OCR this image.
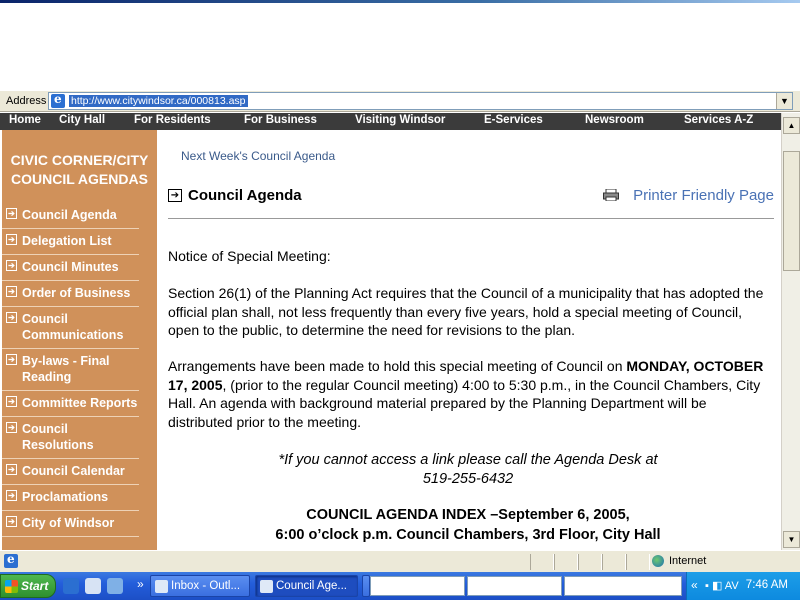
Address
e http://www.citywindsor.ca/000813.asp	▼
Home City Hall	For Residents	For Business	Visiting Windsor	E-Services	Newsroom	Services A-Z	▲
▼
CIVIC CORNER/CITY COUNCIL AGENDAS
➔ Council Agenda
➔ Delegation List
➔ Council Minutes
➔ Order of Business
➔ Council Communications
➔ By-laws - Final Reading
➔ Committee Reports
➔ Council Resolutions
➔ Council Calendar
➔ Proclamations
➔ City of Windsor
Next Week's Council Agenda
➔ Council Agenda	Printer Friendly Page
Notice of Special Meeting:
Section 26(1) of the Planning Act requires that the Council of a municipality that has adopted the official plan shall, not less frequently than every five years, hold a special meeting of Council, open to the public, to determine the need for revisions to the plan.
Arrangements have been made to hold this special meeting of Council on MONDAY, OCTOBER 17, 2005, (prior to the regular Council meeting) 4:00 to 5:30 p.m., in the Council Chambers, City Hall. An agenda with background material prepared by the Planning Department will be distributed prior to the meeting.
*If you cannot access a link please call the Agenda Desk at
519-255-6432
COUNCIL AGENDA INDEX –September 6, 2005,
6:00 o’clock p.m. Council Chambers, 3rd Floor, City Hall
e
Internet
Start	» Inbox - Outl...	Council Age...	« ▪ ◧ AV 7:46 AM
